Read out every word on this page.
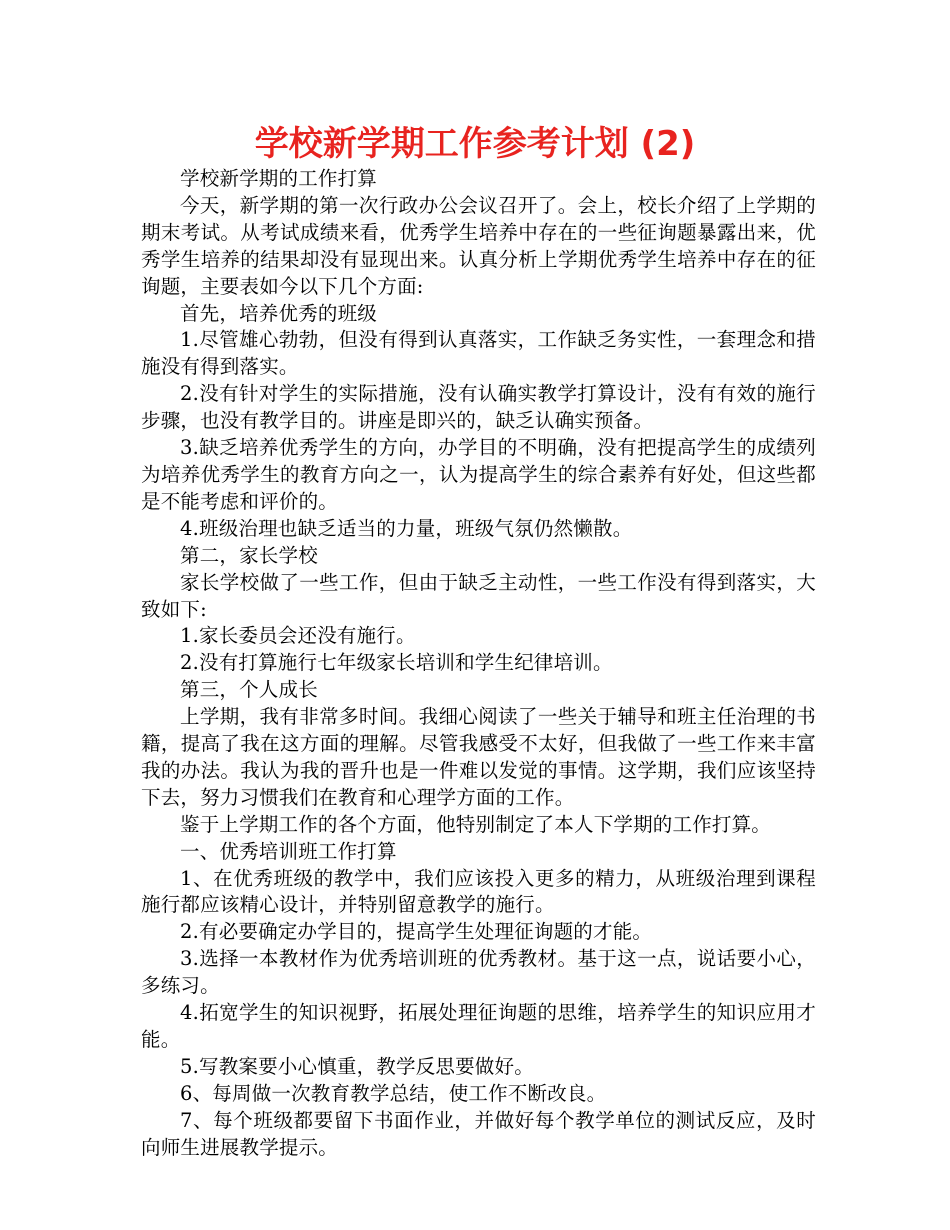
学校新学期工作参考计划 (2)

学校新学期的工作打算

今天，新学期的第一次行政办公会议召开了。会上，校长介绍了上学期的期末考试。从考试成绩来看，优秀学生培养中存在的一些征询题暴露出来，优秀学生培养的结果却没有显现出来。认真分析上学期优秀学生培养中存在的征询题，主要表如今以下几个方面:

首先，培养优秀的班级

1.尽管雄心勃勃，但没有得到认真落实，工作缺乏务实性，一套理念和措施没有得到落实。

2.没有针对学生的实际措施，没有认确实教学打算设计，没有有效的施行步骤，也没有教学目的。讲座是即兴的，缺乏认确实预备。

3.缺乏培养优秀学生的方向，办学目的不明确，没有把提高学生的成绩列为培养优秀学生的教育方向之一，认为提高学生的综合素养有好处，但这些都是不能考虑和评价的。

4.班级治理也缺乏适当的力量，班级气氛仍然懒散。

第二，家长学校

家长学校做了一些工作，但由于缺乏主动性，一些工作没有得到落实，大致如下:

1.家长委员会还没有施行。

2.没有打算施行七年级家长培训和学生纪律培训。

第三，个人成长

上学期，我有非常多时间。我细心阅读了一些关于辅导和班主任治理的书籍，提高了我在这方面的理解。尽管我感受不太好，但我做了一些工作来丰富我的办法。我认为我的晋升也是一件难以发觉的事情。这学期，我们应该坚持下去，努力习惯我们在教育和心理学方面的工作。

鉴于上学期工作的各个方面，他特别制定了本人下学期的工作打算。

一、优秀培训班工作打算

1、在优秀班级的教学中，我们应该投入更多的精力，从班级治理到课程施行都应该精心设计，并特别留意教学的施行。

2.有必要确定办学目的，提高学生处理征询题的才能。

3.选择一本教材作为优秀培训班的优秀教材。基于这一点，说话要小心，多练习。

4.拓宽学生的知识视野，拓展处理征询题的思维，培养学生的知识应用才能。

5.写教案要小心慎重，教学反思要做好。

6、每周做一次教育教学总结，使工作不断改良。

7、每个班级都要留下书面作业，并做好每个教学单位的测试反应，及时向师生进展教学提示。
